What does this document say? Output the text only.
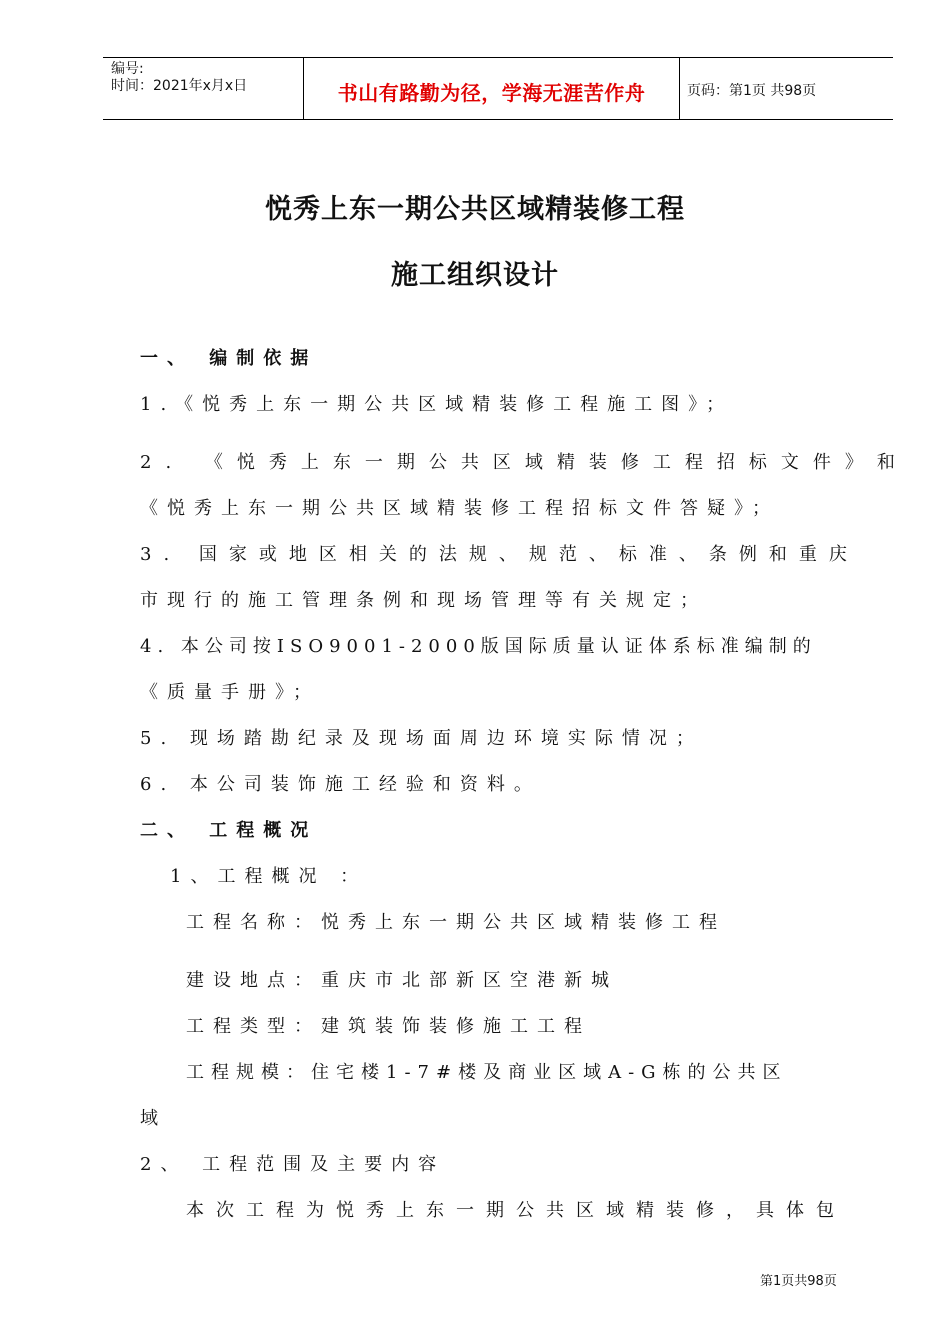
编号:
时间：2021年x月x日	书山有路勤为径，学海无涯苦作舟	页码：第1页 共98页
悦秀上东一期公共区域精装修工程
施工组织设计
一、 编制依据
1.《悦秀上东一期公共区域精装修工程施工图》；
2. 《悦秀上东一期公共区域精装修工程招标文件》和
《悦秀上东一期公共区域精装修工程招标文件答疑》；
3. 国家或地区相关的法规、规范、标准、条例和重庆
市现行的施工管理条例和现场管理等有关规定；
4. 本公司按ISO9001-2000版国际质量认证体系标准编制的
《质量手册》；
5. 现场踏勘纪录及现场面周边环境实际情况；
6. 本公司装饰施工经验和资料。
二、 工程概况
1、工程概况 ：
工程名称：悦秀上东一期公共区域精装修工程
建设地点：重庆市北部新区空港新城
工程类型：建筑装饰装修施工工程
工程规模：住宅楼1-7#楼及商业区域A-G栋的公共区
域
2、 工程范围及主要内容
本次工程为悦秀上东一期公共区域精装修，具体包
第1页共98页
